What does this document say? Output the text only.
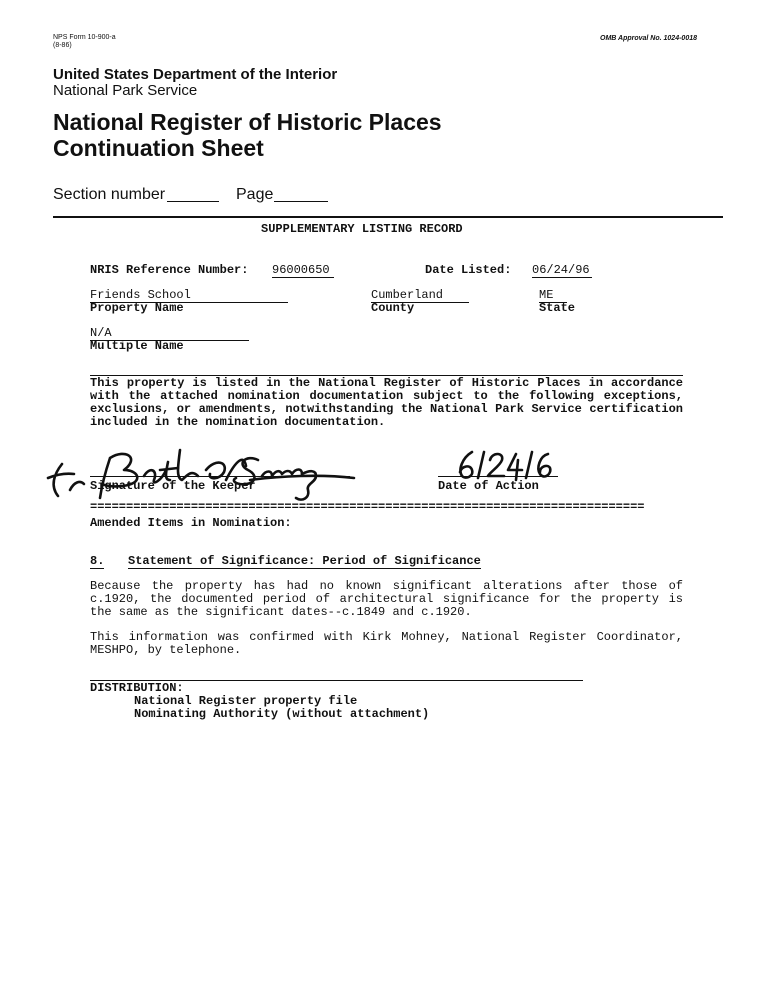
NPS Form 10-900-a
(8-86)
OMB Approval No. 1024-0018
United States Department of the Interior
National Park Service
National Register of Historic Places
Continuation Sheet
Section number	Page
SUPPLEMENTARY LISTING RECORD
NRIS Reference Number: 96000650	Date Listed: 06/24/96
Friends School
Property Name
Cumberland
County
ME
State
N/A
Multiple Name
This property is listed in the National Register of Historic Places in accordance with the attached nomination documentation subject to the following exceptions, exclusions, or amendments, notwithstanding the National Park Service certification included in the nomination documentation.
Signature of the Keeper	Date of Action
=============================================================================
Amended Items in Nomination:
8. Statement of Significance: Period of Significance
Because the property has had no known significant alterations after those of c.1920, the documented period of architectural significance for the property is the same as the significant dates--c.1849 and c.1920.
This information was confirmed with Kirk Mohney, National Register Coordinator, MESHPO, by telephone.
DISTRIBUTION:
National Register property file
Nominating Authority (without attachment)
